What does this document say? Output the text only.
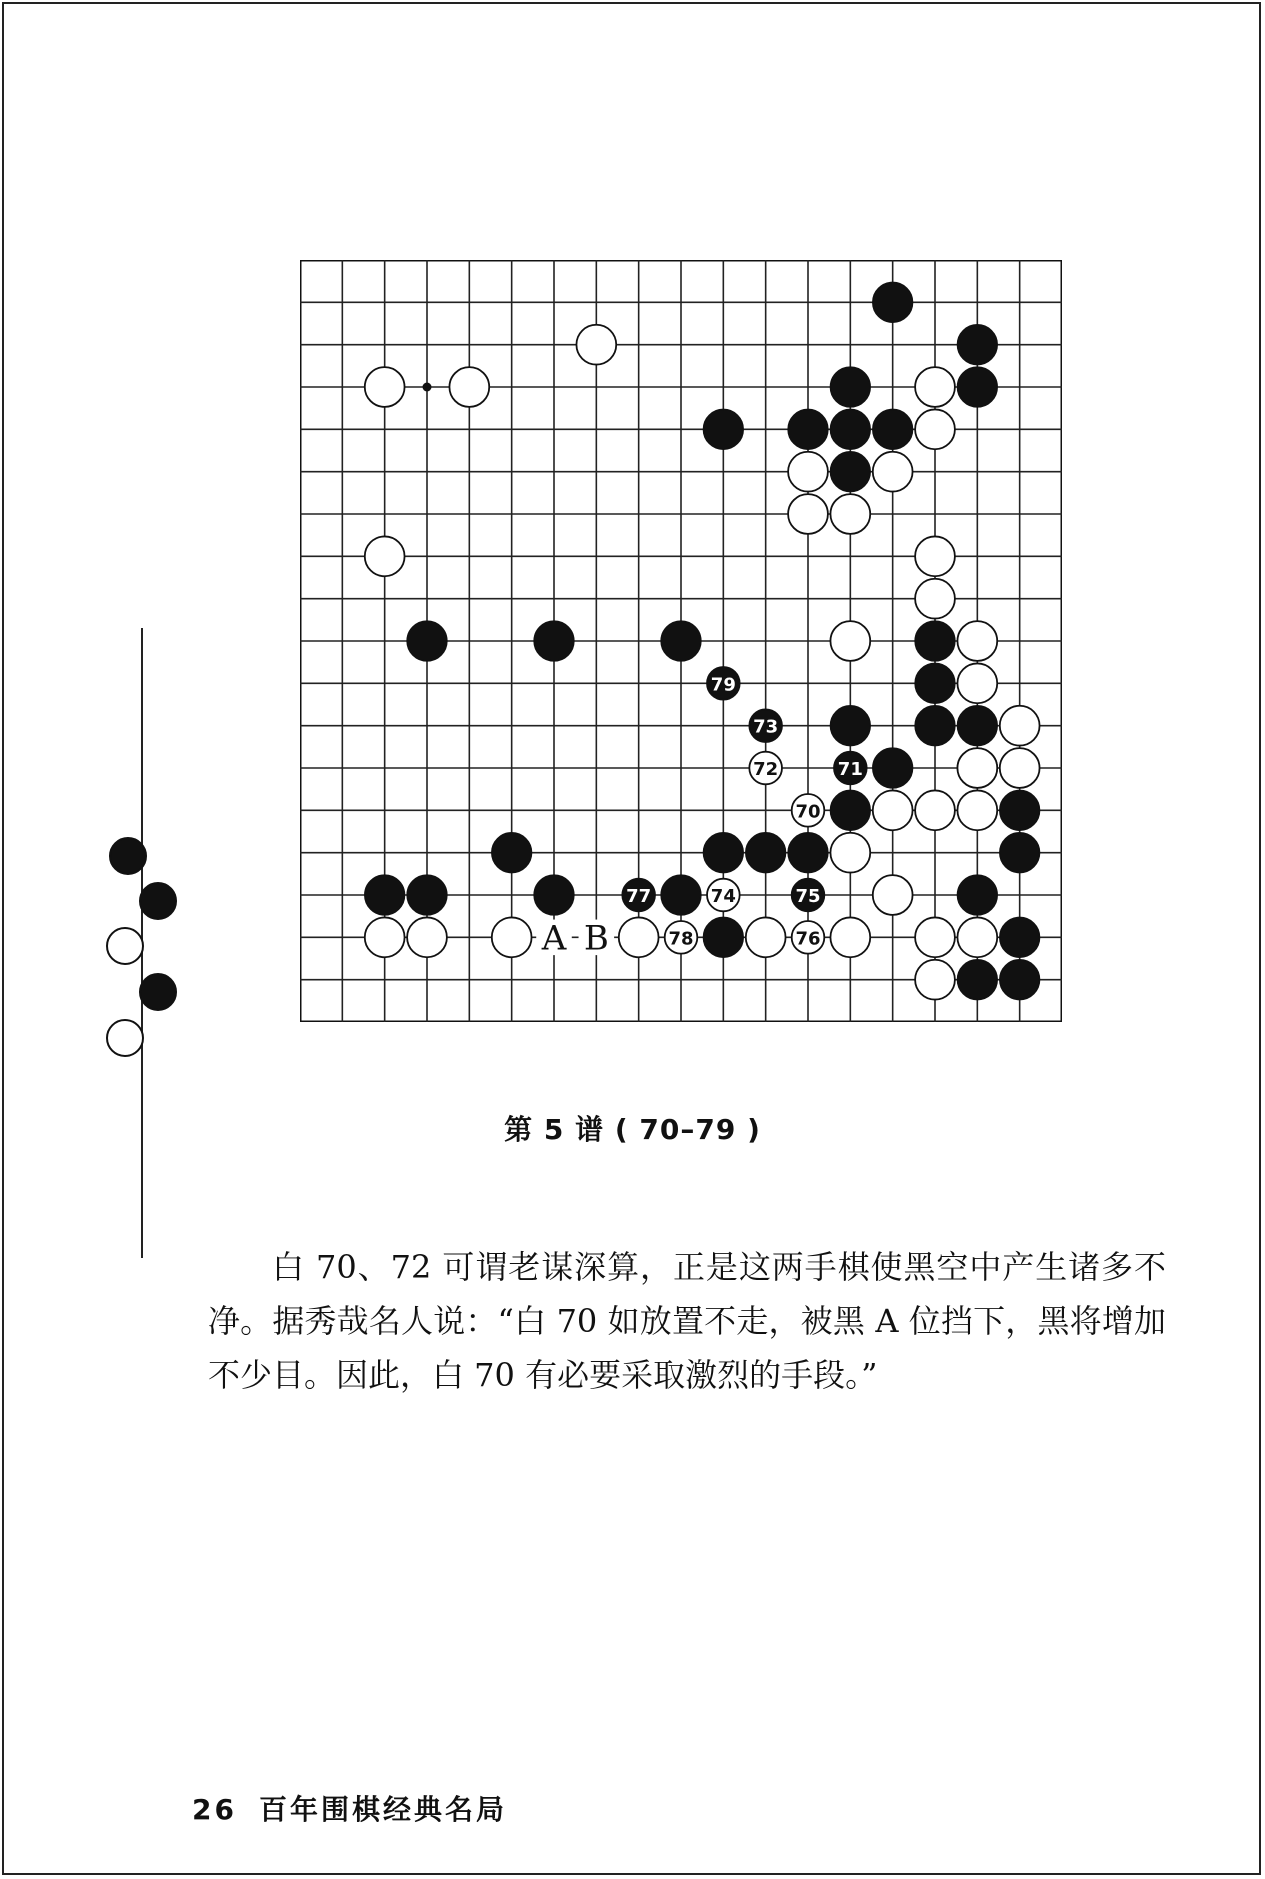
71
73
75
77
79
70
72
74
76
78
A B
第 5 谱 ( 70–79 )

白 70、72 可谓老谋深算，正是这两手棋使黑空中产生诸多不净。据秀哉名人说：“白 70 如放置不走，被黑 A 位挡下，黑将增加不少目。因此，白 70 有必要采取激烈的手段。”

26 百年围棋经典名局
